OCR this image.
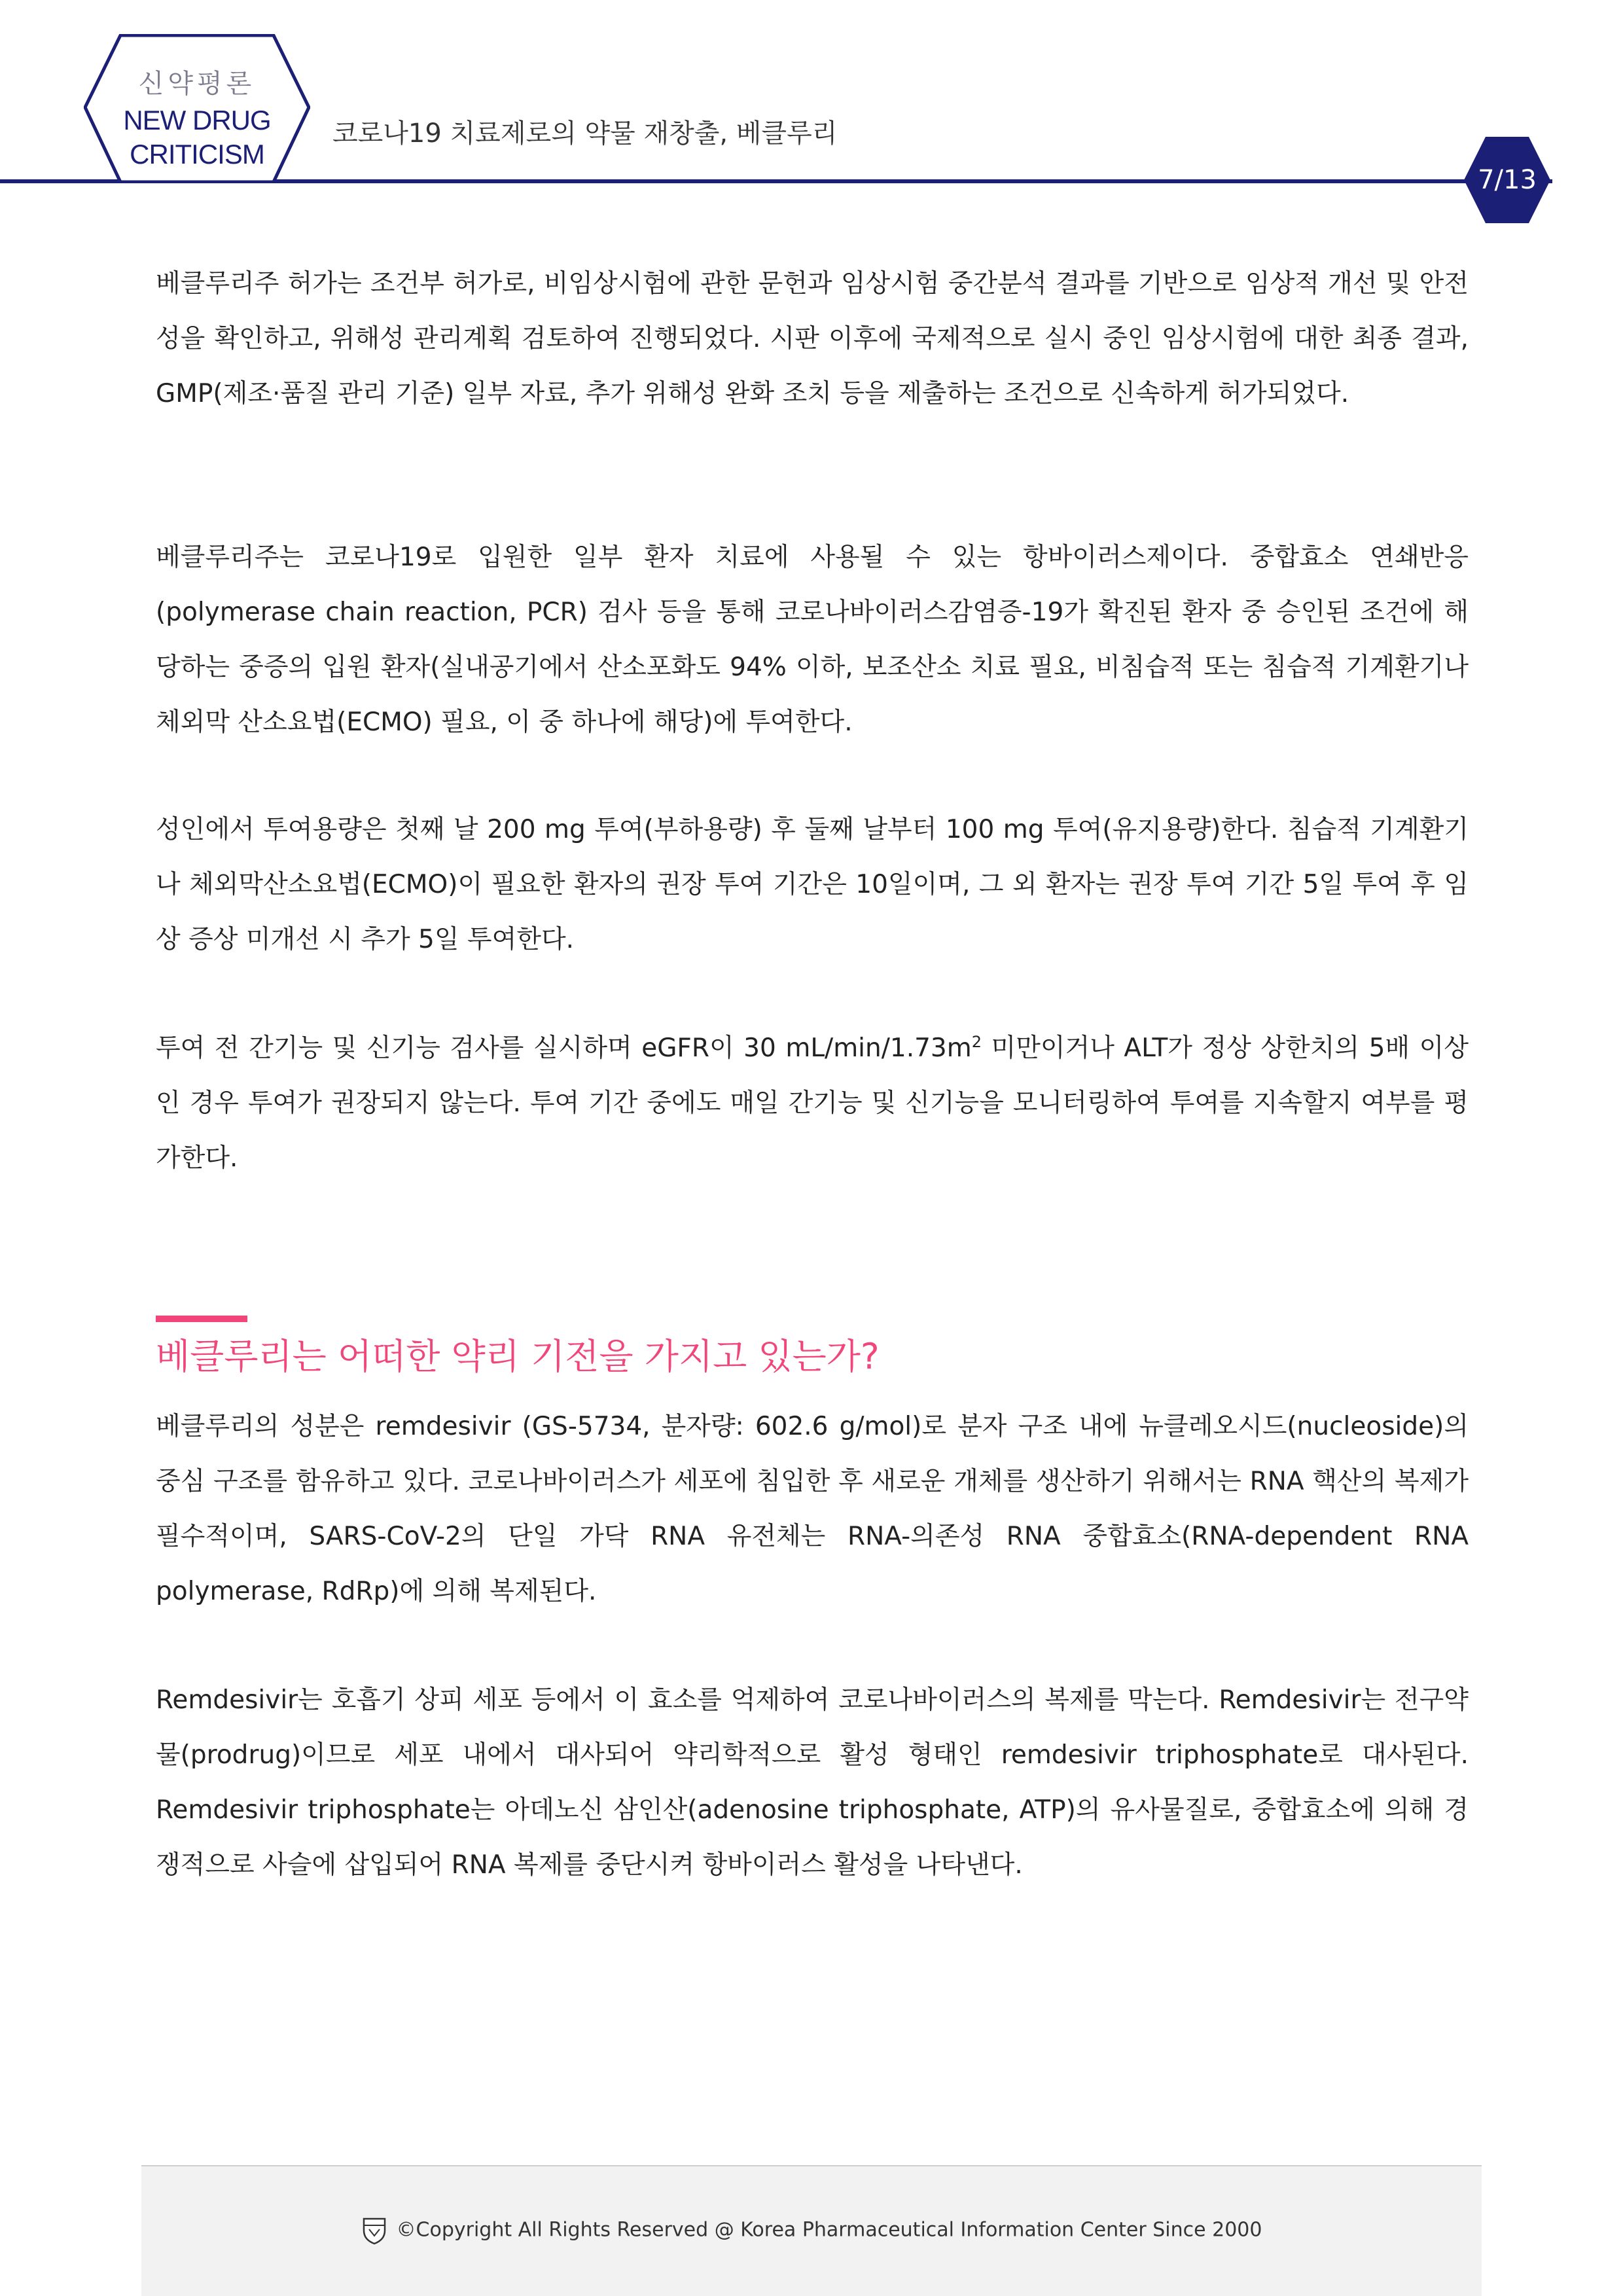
신약평론
NEW DRUG
CRITICISM
코로나19 치료제로의 약물 재창출, 베클루리
7/13

베클루리주 허가는 조건부 허가로, 비임상시험에 관한 문헌과 임상시험 중간분석 결과를 기반으로 임상적 개선 및 안전성을 확인하고, 위해성 관리계획 검토하여 진행되었다. 시판 이후에 국제적으로 실시 중인 임상시험에 대한 최종 결과, GMP(제조·품질 관리 기준) 일부 자료, 추가 위해성 완화 조치 등을 제출하는 조건으로 신속하게 허가되었다.

베클루리주는 코로나19로 입원한 일부 환자 치료에 사용될 수 있는 항바이러스제이다. 중합효소 연쇄반응(polymerase chain reaction, PCR) 검사 등을 통해 코로나바이러스감염증-19가 확진된 환자 중 승인된 조건에 해당하는 중증의 입원 환자(실내공기에서 산소포화도 94% 이하, 보조산소 치료 필요, 비침습적 또는 침습적 기계환기나 체외막 산소요법(ECMO) 필요, 이 중 하나에 해당)에 투여한다.

성인에서 투여용량은 첫째 날 200 mg 투여(부하용량) 후 둘째 날부터 100 mg 투여(유지용량)한다. 침습적 기계환기나 체외막산소요법(ECMO)이 필요한 환자의 권장 투여 기간은 10일이며, 그 외 환자는 권장 투여 기간 5일 투여 후 임상 증상 미개선 시 추가 5일 투여한다.

투여 전 간기능 및 신기능 검사를 실시하며 eGFR이 30 $mL/\min/1.73m^2$ 미만이거나 ALT가 정상 상한치의 5배 이상인 경우 투여가 권장되지 않는다. 투여 기간 중에도 매일 간기능 및 신기능을 모니터링하여 투여를 지속할지 여부를 평가한다.

베클루리는 어떠한 약리 기전을 가지고 있는가?

베클루리의 성분은 remdesivir (GS-5734, 분자량: 602.6 g/mol)로 분자 구조 내에 뉴클레오시드(nucleoside)의 중심 구조를 함유하고 있다. 코로나바이러스가 세포에 침입한 후 새로운 개체를 생산하기 위해서는 RNA 핵산의 복제가 필수적이며, SARS-CoV-2의 단일 가닥 RNA 유전체는 RNA-의존성 RNA 중합효소(RNA-dependent RNA polymerase, RdRp)에 의해 복제된다.

Remdesivir는 호흡기 상피 세포 등에서 이 효소를 억제하여 코로나바이러스의 복제를 막는다. Remdesivir는 전구약물(prodrug)이므로 세포 내에서 대사되어 약리학적으로 활성 형태인 remdesivir triphosphate로 대사된다. Remdesivir triphosphate는 아데노신 삼인산(adenosine triphosphate, ATP)의 유사물질로, 중합효소에 의해 경쟁적으로 사슬에 삽입되어 RNA 복제를 중단시켜 항바이러스 활성을 나타낸다.

©Copyright All Rights Reserved @ Korea Pharmaceutical Information Center Since 2000
